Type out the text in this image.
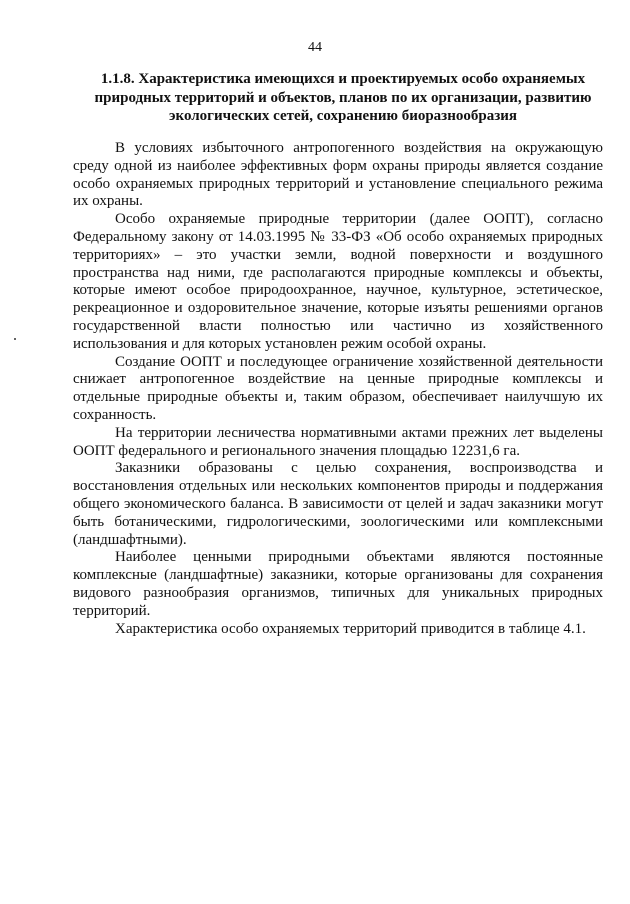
44
1.1.8. Характеристика имеющихся и проектируемых особо охраняемых природных территорий и объектов, планов по их организации, развитию экологических сетей, сохранению биоразнообразия

В условиях избыточного антропогенного воздействия на окружающую среду одной из наиболее эффективных форм охраны природы является создание особо охраняемых природных территорий и установление специального режима их охраны.

Особо охраняемые природные территории (далее ООПТ), согласно Федеральному закону от 14.03.1995 № 33-ФЗ «Об особо охраняемых природных территориях» – это участки земли, водной поверхности и воздушного пространства над ними, где располагаются природные комплексы и объекты, которые имеют особое природоохранное, научное, культурное, эстетическое, рекреационное и оздоровительное значение, которые изъяты решениями органов государственной власти полностью или частично из хозяйственного использования и для которых установлен режим особой охраны.

Создание ООПТ и последующее ограничение хозяйственной деятельности снижает антропогенное воздействие на ценные природные комплексы и отдельные природные объекты и, таким образом, обеспечивает наилучшую их сохранность.

На территории лесничества нормативными актами прежних лет выделены ООПТ федерального и регионального значения площадью 12231,6 га.

Заказники образованы с целью сохранения, воспроизводства и восстановления отдельных или нескольких компонентов природы и поддержания общего экономического баланса. В зависимости от целей и задач заказники могут быть ботаническими, гидрологическими, зоологическими или комплексными (ландшафтными).

Наиболее ценными природными объектами являются постоянные комплексные (ландшафтные) заказники, которые организованы для сохранения видового разнообразия организмов, типичных для уникальных природных территорий.

Характеристика особо охраняемых территорий приводится в таблице 4.1.
